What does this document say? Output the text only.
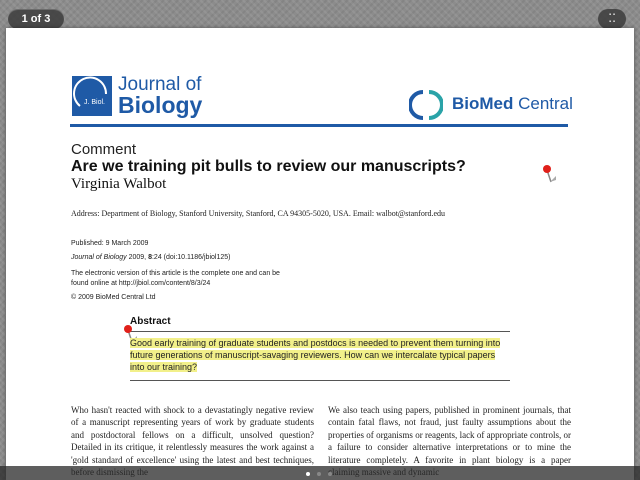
1 of 3	▪ ▪
▪ ▪
J. Biol.
Journal of
Biology	BioMed Central
Comment
Are we training pit bulls to review our manuscripts?
Virginia Walbot
Address: Department of Biology, Stanford University, Stanford, CA 94305-5020, USA. Email: walbot@stanford.edu
Published: 9 March 2009
Journal of Biology 2009, 8:24 (doi:10.1186/jbiol125)
The electronic version of this article is the complete one and can be
found online at http://jbiol.com/content/8/3/24
© 2009 BioMed Central Ltd
Abstract
Good early training of graduate students and postdocs is needed to prevent them turning into future generations of manuscript-savaging reviewers. How can we intercalate typical papers into our training?
Who hasn't reacted with shock to a devastatingly negative review of a manuscript representing years of work by graduate students and postdoctoral fellows on a difficult, unsolved question? Detailed in its critique, it relentlessly measures the work against a 'gold standard of excellence' using the latest and best techniques,
We also teach using papers, published in prominent journals, that contain fatal flaws, not fraud, just faulty assumptions about the properties of organisms or reagents, lack of appropriate controls, or a failure to consider alternative interpretations or to mine the literature completely. A favorite in plant biology is a paper
